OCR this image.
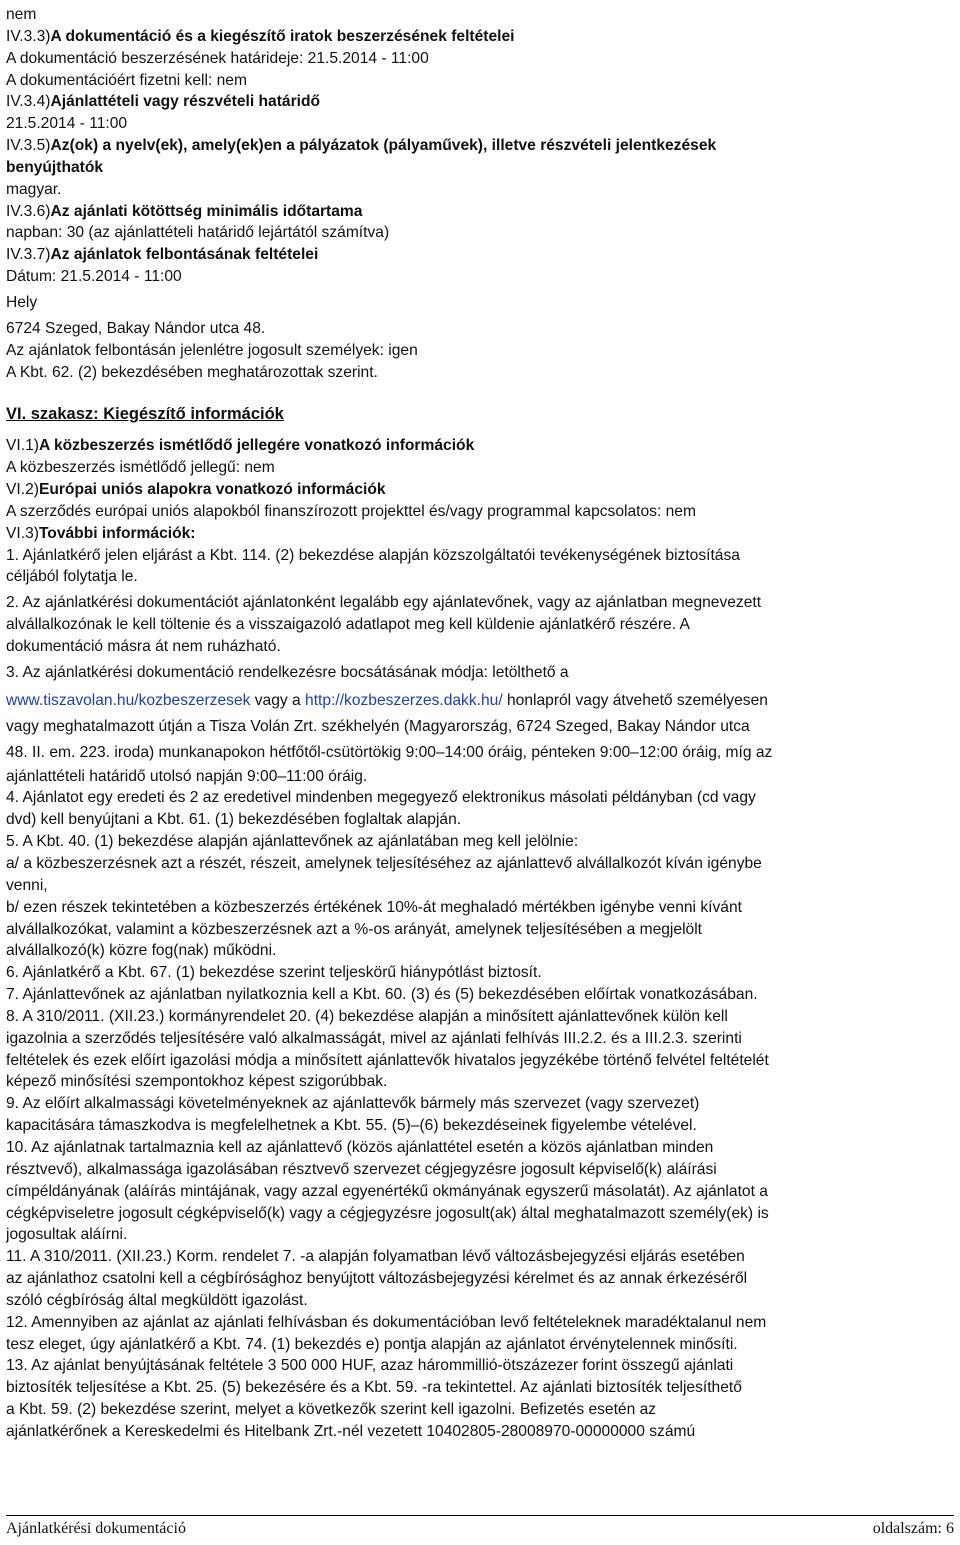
nem
IV.3.3)A dokumentáció és a kiegészítő iratok beszerzésének feltételei
A dokumentáció beszerzésének határideje: 21.5.2014 - 11:00
A dokumentációért fizetni kell: nem
IV.3.4)Ajánlattételi vagy részvételi határidő
21.5.2014 - 11:00
IV.3.5)Az(ok) a nyelv(ek), amely(ek)en a pályázatok (pályaművek), illetve részvételi jelentkezések
benyújthatók
magyar.
IV.3.6)Az ajánlati kötöttség minimális időtartama
napban: 30 (az ajánlattételi határidő lejártától számítva)
IV.3.7)Az ajánlatok felbontásának feltételei
Dátum: 21.5.2014 - 11:00
Hely
6724 Szeged, Bakay Nándor utca 48.
Az ajánlatok felbontásán jelenlétre jogosult személyek: igen
A Kbt. 62. (2) bekezdésében meghatározottak szerint.
VI. szakasz: Kiegészítő információk
VI.1)A közbeszerzés ismétlődő jellegére vonatkozó információk
A közbeszerzés ismétlődő jellegű: nem
VI.2)Európai uniós alapokra vonatkozó információk
A szerződés európai uniós alapokból finanszírozott projekttel és/vagy programmal kapcsolatos: nem
VI.3)További információk:
1. Ajánlatkérő jelen eljárást a Kbt. 114. (2) bekezdése alapján közszolgáltatói tevékenységének biztosítása
céljából folytatja le.
2. Az ajánlatkérési dokumentációt ajánlatonként legalább egy ajánlatevőnek, vagy az ajánlatban megnevezett
alvállalkozónak le kell töltenie és a visszaigazoló adatlapot meg kell küldenie ajánlatkérő részére. A
dokumentáció másra át nem ruházható.
3. Az ajánlatkérési dokumentáció rendelkezésre bocsátásának módja: letölthető a
www.tiszavolan.hu/kozbeszerzesek vagy a http://kozbeszerzes.dakk.hu/ honlapról vagy átvehető személyesen
vagy meghatalmazott útján a Tisza Volán Zrt. székhelyén (Magyarország, 6724 Szeged, Bakay Nándor utca
48. II. em. 223. iroda) munkanapokon hétfőtől-csütörtökig 9:00–14:00 óráig, pénteken 9:00–12:00 óráig, míg az
ajánlattételi határidő utolsó napján 9:00–11:00 óráig.
4. Ajánlatot egy eredeti és 2 az eredetivel mindenben megegyező elektronikus másolati példányban (cd vagy
dvd) kell benyújtani a Kbt. 61. (1) bekezdésében foglaltak alapján.
5. A Kbt. 40. (1) bekezdése alapján ajánlattevőnek az ajánlatában meg kell jelölnie:
a/ a közbeszerzésnek azt a részét, részeit, amelynek teljesítéséhez az ajánlattevő alvállalkozót kíván igénybe
venni,
b/ ezen részek tekintetében a közbeszerzés értékének 10%-át meghaladó mértékben igénybe venni kívánt
alvállalkozókat, valamint a közbeszerzésnek azt a %-os arányát, amelynek teljesítésében a megjelölt
alvállalkozó(k) közre fog(nak) működni.
6. Ajánlatkérő a Kbt. 67. (1) bekezdése szerint teljeskörű hiánypótlást biztosít.
7. Ajánlattevőnek az ajánlatban nyilatkoznia kell a Kbt. 60. (3) és (5) bekezdésében előírtak vonatkozásában.
8. A 310/2011. (XII.23.) kormányrendelet 20. (4) bekezdése alapján a minősített ajánlattevőnek külön kell
igazolnia a szerződés teljesítésére való alkalmasságát, mivel az ajánlati felhívás III.2.2. és a III.2.3. szerinti
feltételek és ezek előírt igazolási módja a minősített ajánlattevők hivatalos jegyzékébe történő felvétel feltételét
képező minősítési szempontokhoz képest szigorúbbak.
9. Az előírt alkalmassági követelményeknek az ajánlattevők bármely más szervezet (vagy szervezet)
kapacitására támaszkodva is megfelelhetnek a Kbt. 55. (5)–(6) bekezdéseinek figyelembe vételével.
10. Az ajánlatnak tartalmaznia kell az ajánlattevő (közös ajánlattétel esetén a közös ajánlatban minden
résztvevő), alkalmassága igazolásában résztvevő szervezet cégjegyzésre jogosult képviselő(k) aláírási
címpéldányának (aláírás mintájának, vagy azzal egyenértékű okmányának egyszerű másolatát). Az ajánlatot a
cégképviseletre jogosult cégképviselő(k) vagy a cégjegyzésre jogosult(ak) által meghatalmazott személy(ek) is
jogosultak aláírni.
11. A 310/2011. (XII.23.) Korm. rendelet 7. -a alapján folyamatban lévő változásbejegyzési eljárás esetében
az ajánlathoz csatolni kell a cégbírósághoz benyújtott változásbejegyzési kérelmet és az annak érkezéséről
szóló cégbíróság által megküldött igazolást.
12. Amennyiben az ajánlat az ajánlati felhívásban és dokumentációban levő feltételeknek maradéktalanul nem
tesz eleget, úgy ajánlatkérő a Kbt. 74. (1) bekezdés e) pontja alapján az ajánlatot érvénytelennek minősíti.
13. Az ajánlat benyújtásának feltétele 3 500 000 HUF, azaz hárommillió-ötszázezer forint összegű ajánlati
biztosíték teljesítése a Kbt. 25. (5) bekezésére és a Kbt. 59. -ra tekintettel. Az ajánlati biztosíték teljesíthető
a Kbt. 59. (2) bekezdése szerint, melyet a következők szerint kell igazolni. Befizetés esetén az
ajánlatkérőnek a Kereskedelmi és Hitelbank Zrt.-nél vezetett 10402805-28008970-00000000 számú
Ajánlatkérési dokumentáció	oldalszám: 6
